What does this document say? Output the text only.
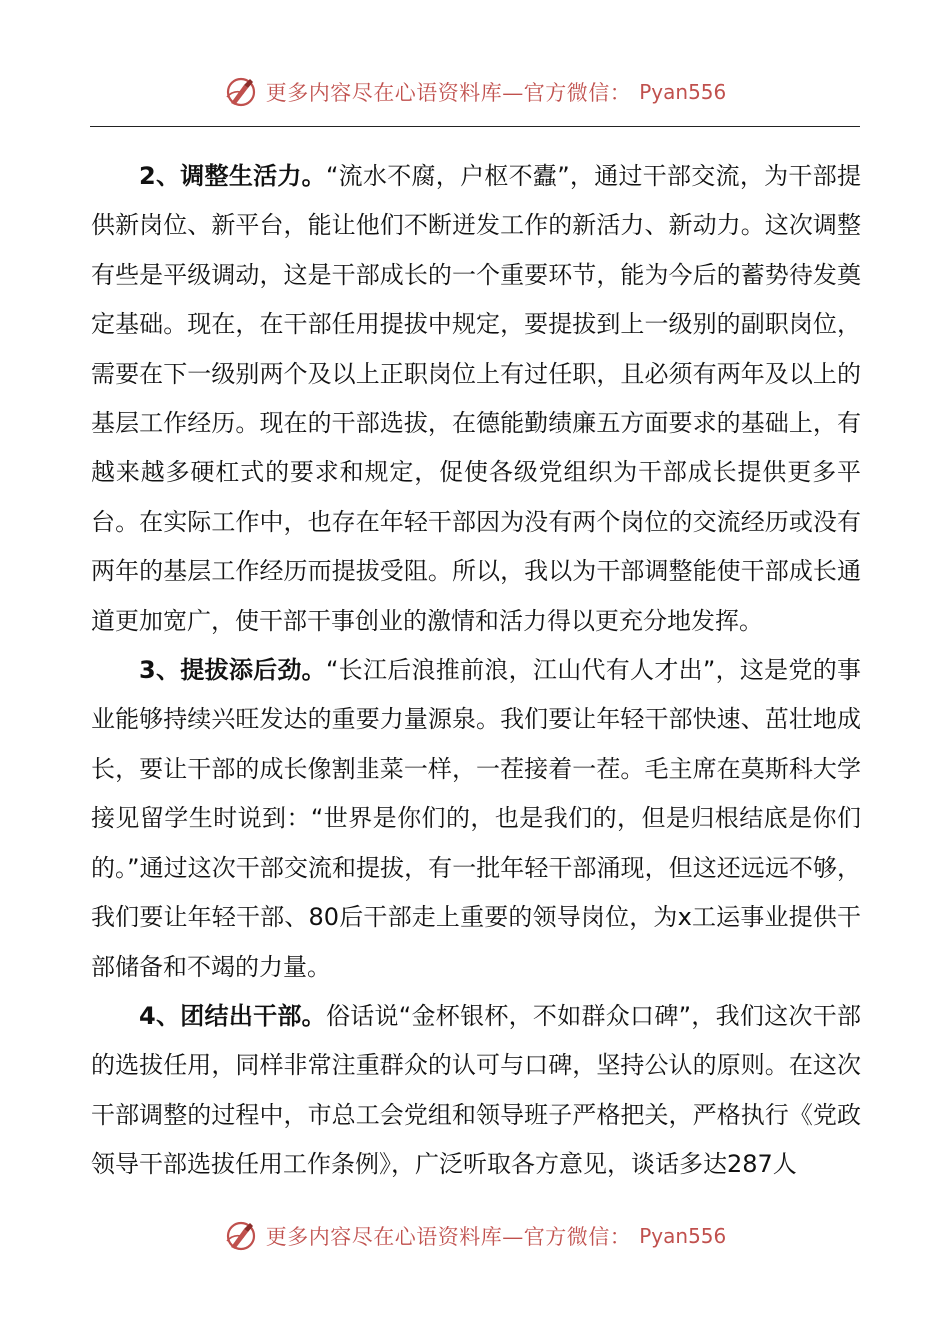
更多内容尽在心语资料库—官方微信： Pyan556

2、调整生活力。“流水不腐，户枢不蠹”，通过干部交流，为干部提供新岗位、新平台，能让他们不断迸发工作的新活力、新动力。这次调整有些是平级调动，这是干部成长的一个重要环节，能为今后的蓄势待发奠定基础。现在，在干部任用提拔中规定，要提拔到上一级别的副职岗位，需要在下一级别两个及以上正职岗位上有过任职，且必须有两年及以上的基层工作经历。现在的干部选拔，在德能勤绩廉五方面要求的基础上，有越来越多硬杠式的要求和规定，促使各级党组织为干部成长提供更多平台。在实际工作中，也存在年轻干部因为没有两个岗位的交流经历或没有两年的基层工作经历而提拔受阻。所以，我以为干部调整能使干部成长通道更加宽广，使干部干事创业的激情和活力得以更充分地发挥。

3、提拔添后劲。“长江后浪推前浪，江山代有人才出”，这是党的事业能够持续兴旺发达的重要力量源泉。我们要让年轻干部快速、茁壮地成长，要让干部的成长像割韭菜一样，一茬接着一茬。毛主席在莫斯科大学接见留学生时说到：“世界是你们的，也是我们的，但是归根结底是你们的。”通过这次干部交流和提拔，有一批年轻干部涌现，但这还远远不够，我们要让年轻干部、80后干部走上重要的领导岗位，为x工运事业提供干部储备和不竭的力量。

4、团结出干部。俗话说“金杯银杯，不如群众口碑”，我们这次干部的选拔任用，同样非常注重群众的认可与口碑，坚持公认的原则。在这次干部调整的过程中，市总工会党组和领导班子严格把关，严格执行《党政领导干部选拔任用工作条例》，广泛听取各方意见，谈话多达287人

更多内容尽在心语资料库—官方微信： Pyan556
